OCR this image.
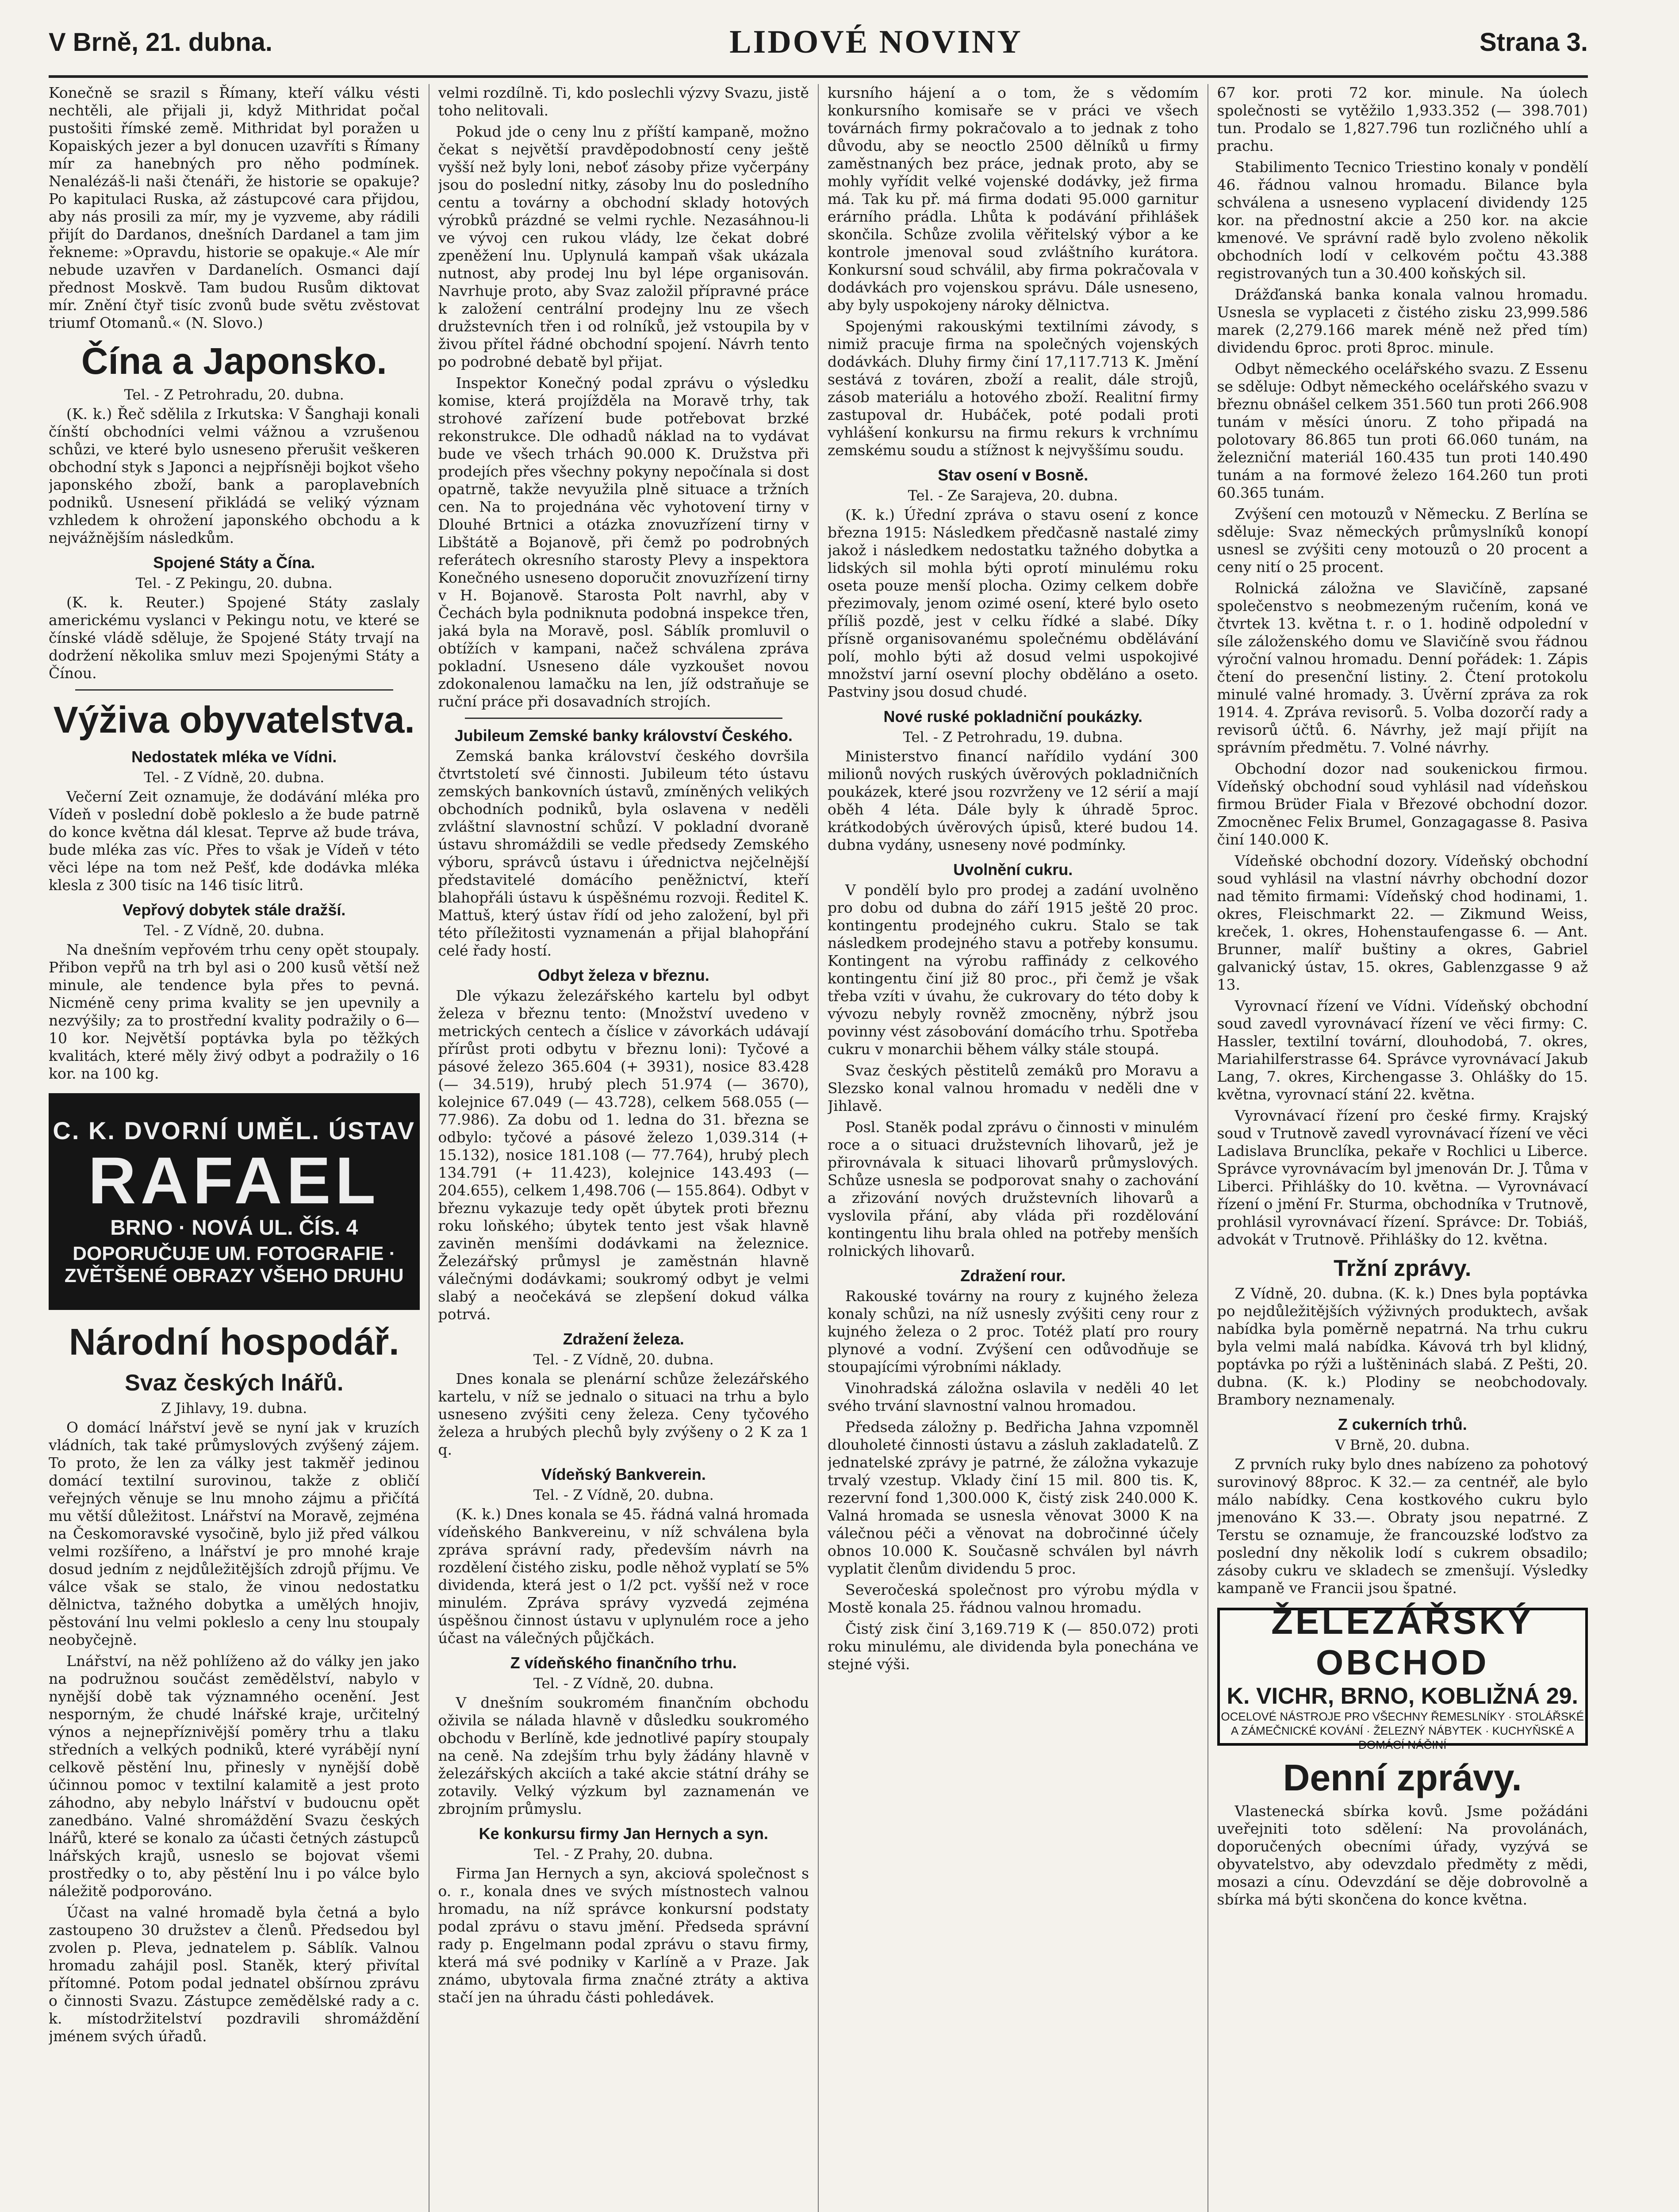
V Brně, 21. dubna.	LIDOVÉ NOVINY	Strana 3.

Konečně se srazil s Římany, kteří válku vésti nechtěli, ale přijali ji, když Mithridat počal pustošiti římské země. Mithridat byl poražen u Kopaiských jezer a byl donucen uzavříti s Římany mír za hanebných pro něho podmínek. Nenalézáš-li naši čtenáři, že historie se opakuje? Po kapitulaci Ruska, až zástupcové cara přijdou, aby nás prosili za mír, my je vyzveme, aby rádili přijít do Dardanos, dnešních Dardanel a tam jim řekneme: »Opravdu, historie se opakuje.« Ale mír nebude uzavřen v Dardanelích. Osmanci dají přednost Moskvě. Tam budou Rusům diktovat mír. Znění čtyř tisíc zvonů bude světu zvěstovat triumf Otomanů.« (N. Slovo.)

Čína a Japonsko.
Tel. - Z Petrohradu, 20. dubna.

(K. k.) Řeč sdělila z Irkutska: V Šanghaji konali čínští obchodníci velmi vážnou a vzrušenou schůzi, ve které bylo usneseno přerušit veškeren obchodní styk s Japonci a nejpřísněji bojkot všeho japonského zboží, bank a paroplavebních podniků. Usnesení přikládá se veliký význam vzhledem k ohrožení japonského obchodu a k nejvážnějším následkům.

Spojené Státy a Čína.
Tel. - Z Pekingu, 20. dubna.

(K. k. Reuter.) Spojené Státy zaslaly americkému vyslanci v Pekingu notu, ve které se čínské vládě sděluje, že Spojené Státy trvají na dodržení několika smluv mezi Spojenými Státy a Čínou.

Výživa obyvatelstva.
Nedostatek mléka ve Vídni.
Tel. - Z Vídně, 20. dubna.

Večerní Zeit oznamuje, že dodávání mléka pro Vídeň v poslední době pokleslo a že bude patrně do konce května dál klesat. Teprve až bude tráva, bude mléka zas víc. Přes to však je Vídeň v této věci lépe na tom než Pešť, kde dodávka mléka klesla z 300 tisíc na 146 tisíc litrů.

Vepřový dobytek stále dražší.
Tel. - Z Vídně, 20. dubna.

Na dnešním vepřovém trhu ceny opět stoupaly. Přibon vepřů na trh byl asi o 200 kusů větší než minule, ale tendence byla přes to pevná. Nicméně ceny prima kvality se jen upevnily a nezvýšily; za to prostřední kvality podražily o 6—10 kor. Největší poptávka byla po těžkých kvalitách, které měly živý odbyt a podražily o 16 kor. na 100 kg.

C. K. DVORNÍ UMĚL. ÚSTAV
RAFAEL
BRNO · NOVÁ UL. ČÍS. 4
DOPORUČUJE UM. FOTOGRAFIE · ZVĚTŠENÉ OBRAZY VŠEHO DRUHU
Národní hospodář.
Svaz českých lnářů.
Z Jihlavy, 19. dubna.

O domácí lnářství jevě se nyní jak v kruzích vládních, tak také průmyslových zvýšený zájem. To proto, že len za války jest takměř jedinou domácí textilní surovinou, takže z obličí veřejných věnuje se lnu mnoho zájmu a přičítá mu větší důležitost. Lnářství na Moravě, zejména na Českomoravské vysočině, bylo již před válkou velmi rozšířeno, a lnářství je pro mnohé kraje dosud jedním z nejdůležitějších zdrojů příjmu. Ve válce však se stalo, že vinou nedostatku dělnictva, tažného dobytka a umělých hnojiv, pěstování lnu velmi pokleslo a ceny lnu stoupaly neobyčejně.

Lnářství, na něž pohlíženo až do války jen jako na podružnou součást zemědělství, nabylo v nynější době tak významného ocenění. Jest nesporným, že chudé lnářské kraje, určitelný výnos a nejnepříznivější poměry trhu a tlaku středních a velkých podniků, které vyrábějí nyní celkově pěstění lnu, přinesly v nynější době účinnou pomoc v textilní kalamitě a jest proto záhodno, aby nebylo lnářství v budoucnu opět zanedbáno. Valné shromáždění Svazu českých lnářů, které se konalo za účasti četných zástupců lnářských krajů, usneslo se bojovat všemi prostředky o to, aby pěstění lnu i po válce bylo náležitě podporováno.

Účast na valné hromadě byla četná a bylo zastoupeno 30 družstev a členů. Předsedou byl zvolen p. Pleva, jednatelem p. Sáblík. Valnou hromadu zahájil posl. Staněk, který přivítal přítomné. Potom podal jednatel obšírnou zprávu o činnosti Svazu. Zástupce zemědělské rady a c. k. místodržitelství pozdravili shromáždění jménem svých úřadů.

velmi rozdílně. Ti, kdo poslechli výzvy Svazu, jistě toho nelitovali.

Pokud jde o ceny lnu z příští kampaně, možno čekat s největší pravděpodobností ceny ještě vyšší než byly loni, neboť zásoby přize vyčerpány jsou do poslední nitky, zásoby lnu do posledního centu a továrny a obchodní sklady hotových výrobků prázdné se velmi rychle. Nezasáhnou-li ve vývoj cen rukou vlády, lze čekat dobré zpeněžení lnu. Uplynulá kampaň však ukázala nutnost, aby prodej lnu byl lépe organisován. Navrhuje proto, aby Svaz založil přípravné práce k založení centrální prodejny lnu ze všech družstevních třen i od rolníků, jež vstoupila by v živou přítel řádné obchodní spojení. Návrh tento po podrobné debatě byl přijat.

Inspektor Konečný podal zprávu o výsledku komise, která projížděla na Moravě trhy, tak strohové zařízení bude potřebovat brzké rekonstrukce. Dle odhadů náklad na to vydávat bude ve všech trhách 90.000 K. Družstva při prodejích přes všechny pokyny nepočínala si dost opatrně, takže nevyužila plně situace a tržních cen. Na to projednána věc vyhotovení tirny v Dlouhé Brtnici a otázka znovuzřízení tirny v Libštátě a Bojanově, při čemž po podrobných referátech okresního starosty Plevy a inspektora Konečného usneseno doporučit znovuzřízení tirny v H. Bojanově. Starosta Polt navrhl, aby v Čechách byla podniknuta podobná inspekce třen, jaká byla na Moravě, posl. Sáblík promluvil o obtížích v kampani, načež schválena zpráva pokladní. Usneseno dále vyzkoušet novou zdokonalenou lamačku na len, jíž odstraňuje se ruční práce při dosavadních strojích.

Jubileum Zemské banky království Českého.

Zemská banka království českého dovršila čtvrtstoletí své činnosti. Jubileum této ústavu zemských bankovních ústavů, zmíněných velikých obchodních podniků, byla oslavena v neděli zvláštní slavnostní schůzí. V pokladní dvoraně ústavu shromáždili se vedle předsedy Zemského výboru, správců ústavu i úřednictva nejčelnější představitelé domácího peněžnictví, kteří blahopřáli ústavu k úspěšnému rozvoji. Ředitel K. Mattuš, který ústav řídí od jeho založení, byl při této příležitosti vyznamenán a přijal blahopřání celé řady hostí.

Odbyt železa v březnu.

Dle výkazu železářského kartelu byl odbyt železa v březnu tento: (Množství uvedeno v metrických centech a číslice v závorkách udávají přírůst proti odbytu v březnu loni): Tyčové a pásové železo 365.604 (+ 3931), nosice 83.428 (— 34.519), hrubý plech 51.974 (— 3670), kolejnice 67.049 (— 43.728), celkem 568.055 (— 77.986). Za dobu od 1. ledna do 31. března se odbylo: tyčové a pásové železo 1,039.314 (+ 15.132), nosice 181.108 (— 77.764), hrubý plech 134.791 (+ 11.423), kolejnice 143.493 (— 204.655), celkem 1,498.706 (— 155.864). Odbyt v březnu vykazuje tedy opět úbytek proti březnu roku loňského; úbytek tento jest však hlavně zaviněn menšími dodávkami na železnice. Železářský průmysl je zaměstnán hlavně válečnými dodávkami; soukromý odbyt je velmi slabý a neočekává se zlepšení dokud válka potrvá.

Zdražení železa.
Tel. - Z Vídně, 20. dubna.

Dnes konala se plenární schůze železářského kartelu, v níž se jednalo o situaci na trhu a bylo usneseno zvýšiti ceny železa. Ceny tyčového železa a hrubých plechů byly zvýšeny o 2 K za 1 q.

Vídeňský Bankverein.
Tel. - Z Vídně, 20. dubna.

(K. k.) Dnes konala se 45. řádná valná hromada vídeňského Bankvereinu, v níž schválena byla zpráva správní rady, především návrh na rozdělení čistého zisku, podle něhož vyplatí se 5% dividenda, která jest o 1/2 pct. vyšší než v roce minulém. Zpráva správy vyzvedá zejména úspěšnou činnost ústavu v uplynulém roce a jeho účast na válečných půjčkách.

Z vídeňského finančního trhu.
Tel. - Z Vídně, 20. dubna.

V dnešním soukromém finančním obchodu oživila se nálada hlavně v důsledku soukromého obchodu v Berlíně, kde jednotlivé papíry stoupaly na ceně. Na zdejším trhu byly žádány hlavně v železářských akciích a také akcie státní dráhy se zotavily. Velký výzkum byl zaznamenán ve zbrojním průmyslu.

Ke konkursu firmy Jan Hernych a syn.
Tel. - Z Prahy, 20. dubna.

Firma Jan Hernych a syn, akciová společnost s o. r., konala dnes ve svých místnostech valnou hromadu, na níž správce konkursní podstaty podal zprávu o stavu jmění. Předseda správní rady p. Engelmann podal zprávu o stavu firmy, která má své podniky v Karlíně a v Praze. Jak známo, ubytovala firma značné ztráty a aktiva stačí jen na úhradu části pohledávek.

kursního hájení a o tom, že s vědomím konkursního komisaře se v práci ve všech továrnách firmy pokračovalo a to jednak z toho důvodu, aby se neoctlo 2500 dělníků u firmy zaměstnaných bez práce, jednak proto, aby se mohly vyřídit velké vojenské dodávky, jež firma má. Tak ku př. má firma dodati 95.000 garnitur erárního prádla. Lhůta k podávání přihlášek skončila. Schůze zvolila věřitelský výbor a ke kontrole jmenoval soud zvláštního kurátora. Konkursní soud schválil, aby firma pokračovala v dodávkách pro vojenskou správu. Dále usneseno, aby byly uspokojeny nároky dělnictva.

Spojenými rakouskými textilními závody, s nimiž pracuje firma na společných vojenských dodávkách. Dluhy firmy činí 17,117.713 K. Jmění sestává z továren, zboží a realit, dále strojů, zásob materiálu a hotového zboží. Realitní firmy zastupoval dr. Hubáček, poté podali proti vyhlášení konkursu na firmu rekurs k vrchnímu zemskému soudu a stížnost k nejvyššímu soudu.

Stav osení v Bosně.
Tel. - Ze Sarajeva, 20. dubna.

(K. k.) Úřední zpráva o stavu osení z konce března 1915: Následkem předčasně nastalé zimy jakož i následkem nedostatku tažného dobytka a lidských sil mohla býti oprotí minulému roku oseta pouze menší plocha. Ozimy celkem dobře přezimovaly, jenom ozimé osení, které bylo oseto příliš pozdě, jest v celku řídké a slabé. Díky přísně organisovanému společnému obdělávání polí, mohlo býti až dosud velmi uspokojivé množství jarní osevní plochy obděláno a oseto. Pastviny jsou dosud chudé.

Nové ruské pokladniční poukázky.
Tel. - Z Petrohradu, 19. dubna.

Ministerstvo financí nařídilo vydání 300 milionů nových ruských úvěrových pokladničních poukázek, které jsou rozvrženy ve 12 sérií a mají oběh 4 léta. Dále byly k úhradě 5proc. krátkodobých úvěrových úpisů, které budou 14. dubna vydány, usneseny nové podmínky.

Uvolnění cukru.

V pondělí bylo pro prodej a zadání uvolněno pro dobu od dubna do září 1915 ještě 20 proc. kontingentu prodejného cukru. Stalo se tak následkem prodejného stavu a potřeby konsumu. Kontingent na výrobu raffinády z celkového kontingentu činí již 80 proc., při čemž je však třeba vzíti v úvahu, že cukrovary do této doby k vývozu nebyly rovněž zmocněny, nýbrž jsou povinny vést zásobování domácího trhu. Spotřeba cukru v monarchii během války stále stoupá.

Svaz českých pěstitelů zemáků pro Moravu a Slezsko konal valnou hromadu v neděli dne v Jihlavě.

Posl. Staněk podal zprávu o činnosti v minulém roce a o situaci družstevních lihovarů, jež je přirovnávala k situaci lihovarů průmyslových. Schůze usnesla se podporovat snahy o zachování a zřizování nových družstevních lihovarů a vyslovila přání, aby vláda při rozdělování kontingentu lihu brala ohled na potřeby menších rolnických lihovarů.

Zdražení rour.

Rakouské továrny na roury z kujného železa konaly schůzi, na níž usnesly zvýšiti ceny rour z kujného železa o 2 proc. Totéž platí pro roury plynové a vodní. Zvýšení cen odůvodňuje se stoupajícími výrobními náklady.

Vinohradská záložna oslavila v neděli 40 let svého trvání slavnostní valnou hromadou.

Předseda záložny p. Bedřicha Jahna vzpomněl dlouholeté činnosti ústavu a zásluh zakladatelů. Z jednatelské zprávy je patrné, že záložna vykazuje trvalý vzestup. Vklady činí 15 mil. 800 tis. K, rezervní fond 1,300.000 K, čistý zisk 240.000 K. Valná hromada se usnesla věnovat 3000 K na válečnou péči a věnovat na dobročinné účely obnos 10.000 K. Současně schválen byl návrh vyplatit členům dividendu 5 proc.

Severočeská společnost pro výrobu mýdla v Mostě konala 25. řádnou valnou hromadu.

Čistý zisk činí 3,169.719 K (— 850.072) proti roku minulému, ale dividenda byla ponechána ve stejné výši.

67 kor. proti 72 kor. minule. Na úolech společnosti se vytěžilo 1,933.352 (— 398.701) tun. Prodalo se 1,827.796 tun rozličného uhlí a prachu.

Stabilimento Tecnico Triestino konaly v pondělí 46. řádnou valnou hromadu. Bilance byla schválena a usneseno vyplacení dividendy 125 kor. na přednostní akcie a 250 kor. na akcie kmenové. Ve správní radě bylo zvoleno několik obchodních lodí v celkovém počtu 43.388 registrovaných tun a 30.400 koňských sil.

Drážďanská banka konala valnou hromadu. Usnesla se vyplaceti z čistého zisku 23,999.586 marek (2,279.166 marek méně než před tím) dividendu 6proc. proti 8proc. minule.

Odbyt německého ocelářského svazu. Z Essenu se sděluje: Odbyt německého ocelářského svazu v březnu obnášel celkem 351.560 tun proti 266.908 tunám v měsíci únoru. Z toho připadá na polotovary 86.865 tun proti 66.060 tunám, na železniční materiál 160.435 tun proti 140.490 tunám a na formové železo 164.260 tun proti 60.365 tunám.

Zvýšení cen motouzů v Německu. Z Berlína se sděluje: Svaz německých průmyslníků konopí usnesl se zvýšiti ceny motouzů o 20 procent a ceny nití o 25 procent.

Rolnická záložna ve Slavičíně, zapsané společenstvo s neobmezeným ručením, koná ve čtvrtek 13. května t. r. o 1. hodině odpolední v síle záloženského domu ve Slavičíně svou řádnou výroční valnou hromadu. Denní pořádek: 1. Zápis čtení do presenční listiny. 2. Čtení protokolu minulé valné hromady. 3. Úvěrní zpráva za rok 1914. 4. Zpráva revisorů. 5. Volba dozorčí rady a revisorů účtů. 6. Návrhy, jež mají přijít na správním předmětu. 7. Volné návrhy.

Obchodní dozor nad soukenickou firmou. Vídeňský obchodní soud vyhlásil nad vídeňskou firmou Brüder Fiala v Březové obchodní dozor. Zmocněnec Felix Brumel, Gonzagagasse 8. Pasiva činí 140.000 K.

Vídeňské obchodní dozory. Vídeňský obchodní soud vyhlásil na vlastní návrhy obchodní dozor nad těmito firmami: Vídeňský chod hodinami, 1. okres, Fleischmarkt 22. — Zikmund Weiss, kreček, 1. okres, Hohenstaufengasse 6. — Ant. Brunner, malíř buštiny a okres, Gabriel galvanický ústav, 15. okres, Gablenzgasse 9 až 13.

Vyrovnací řízení ve Vídni. Vídeňský obchodní soud zavedl vyrovnávací řízení ve věci firmy: C. Hassler, textilní tovární, dlouhodobá, 7. okres, Mariahilferstrasse 64. Správce vyrovnávací Jakub Lang, 7. okres, Kirchengasse 3. Ohlášky do 15. května, vyrovnací stání 22. května.

Vyrovnávací řízení pro české firmy. Krajský soud v Trutnově zavedl vyrovnávací řízení ve věci Ladislava Brunclíka, pekaře v Rochlici u Liberce. Správce vyrovnávacím byl jmenován Dr. J. Tůma v Liberci. Přihlášky do 10. května. — Vyrovnávací řízení o jmění Fr. Sturma, obchodníka v Trutnově, prohlásil vyrovnávací řízení. Správce: Dr. Tobiáš, advokát v Trutnově. Přihlášky do 12. května.

Tržní zprávy.

Z Vídně, 20. dubna. (K. k.) Dnes byla poptávka po nejdůležitějších výživných produktech, avšak nabídka byla poměrně nepatrná. Na trhu cukru byla velmi malá nabídka. Kávová trh byl klidný, poptávka po rýži a luštěninách slabá. Z Pešti, 20. dubna. (K. k.) Plodiny se neobchodovaly. Brambory neznamenaly.

Z cukerních trhů.
V Brně, 20. dubna.

Z prvních ruky bylo dnes nabízeno za pohotový surovinový 88proc. K 32.— za centnéř, ale bylo málo nabídky. Cena kostkového cukru bylo jmenováno K 33.—. Obraty jsou nepatrné. Z Terstu se oznamuje, že francouzské loďstvo za poslední dny několik lodí s cukrem obsadilo; zásoby cukru ve skladech se zmenšují. Výsledky kampaně ve Francii jsou špatné.

ŽELEZÁŘSKÝ OBCHOD
K. VICHR, BRNO, KOBLIŽNÁ 29.
OCELOVÉ NÁSTROJE PRO VŠECHNY ŘEMESLNÍKY · STOLÁŘSKÉ A ZÁMEČNICKÉ KOVÁNÍ · ŽELEZNÝ NÁBYTEK · KUCHYŇSKÉ A DOMÁCÍ NÁČINÍ
Denní zprávy.

Vlastenecká sbírka kovů. Jsme požádáni uveřejniti toto sdělení: Na provolánách, doporučených obecními úřady, vyzývá se obyvatelstvo, aby odevzdalo předměty z mědi, mosazi a cínu. Odevzdání se děje dobrovolně a sbírka má býti skončena do konce května.
